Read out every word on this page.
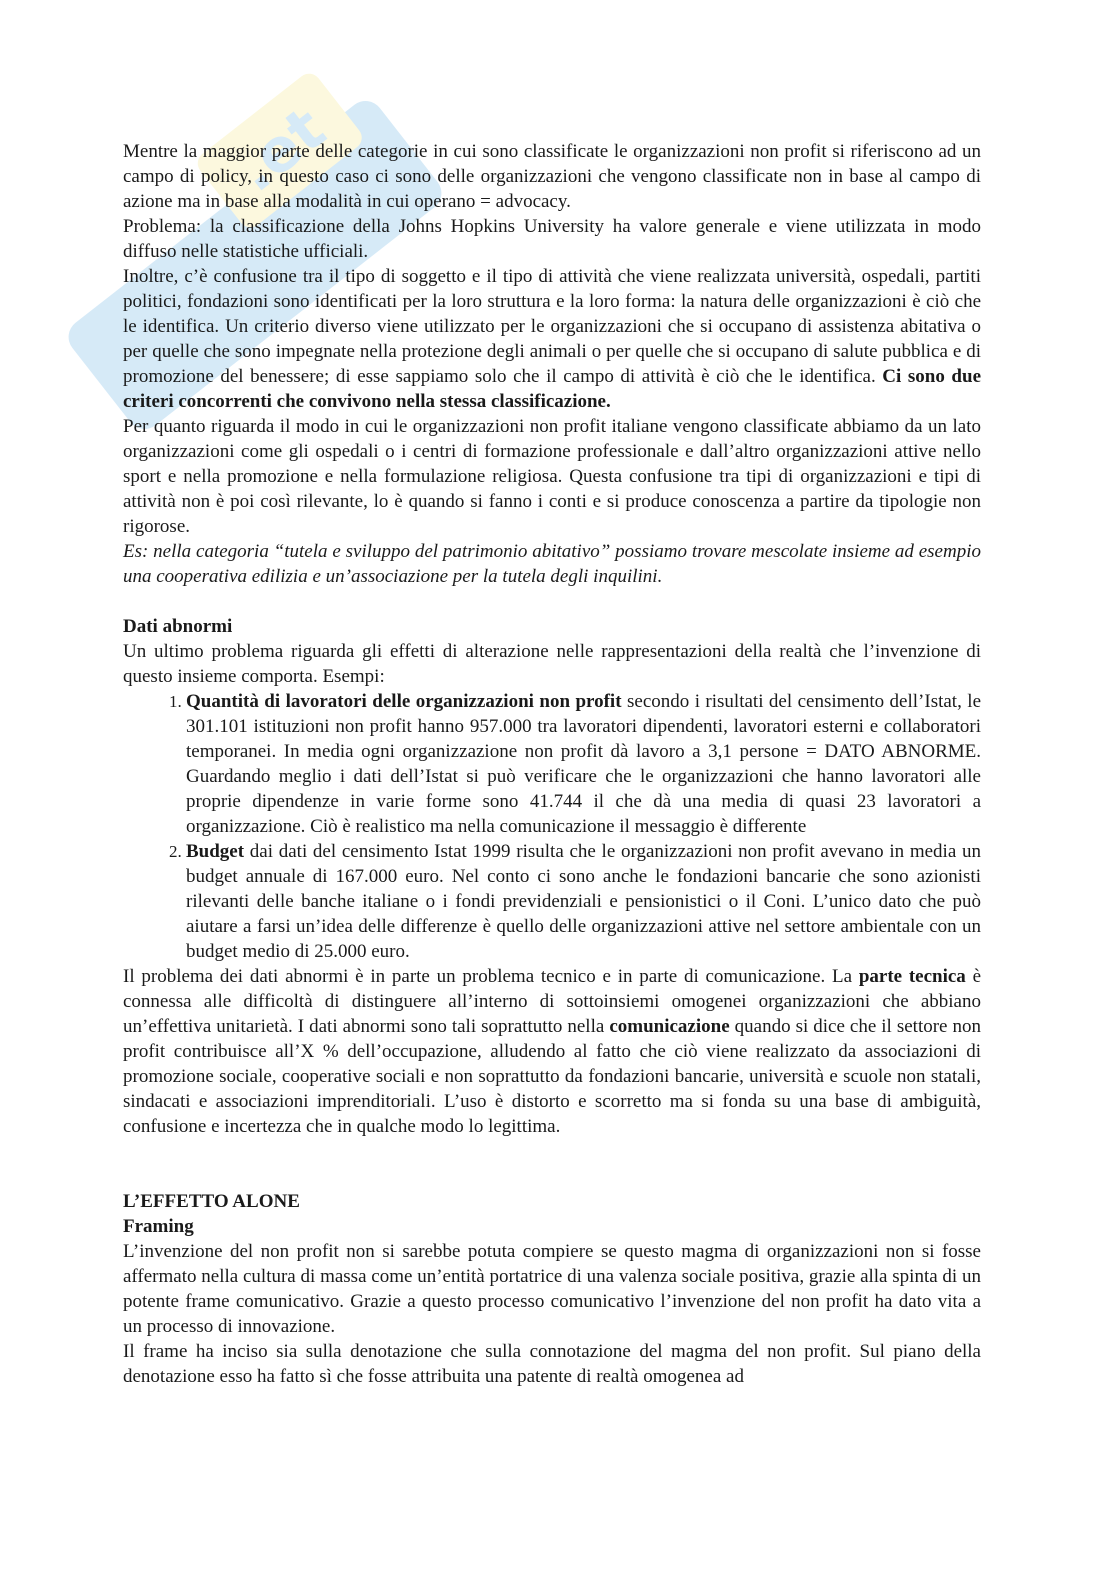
.et

Mentre la maggior parte delle categorie in cui sono classificate le organizzazioni non profit si riferiscono ad un campo di policy, in questo caso ci sono delle organizzazioni che vengono classificate non in base al campo di azione ma in base alla modalità in cui operano = advocacy.

Problema: la classificazione della Johns Hopkins University ha valore generale e viene utilizzata in modo diffuso nelle statistiche ufficiali.

Inoltre, c’è confusione tra il tipo di soggetto e il tipo di attività che viene realizzata università, ospedali, partiti politici, fondazioni sono identificati per la loro struttura e la loro forma: la natura delle organizzazioni è ciò che le identifica. Un criterio diverso viene utilizzato per le organizzazioni che si occupano di assistenza abitativa o per quelle che sono impegnate nella protezione degli animali o per quelle che si occupano di salute pubblica e di promozione del benessere; di esse sappiamo solo che il campo di attività è ciò che le identifica. Ci sono due criteri concorrenti che convivono nella stessa classificazione.

Per quanto riguarda il modo in cui le organizzazioni non profit italiane vengono classificate abbiamo da un lato organizzazioni come gli ospedali o i centri di formazione professionale e dall’altro organizzazioni attive nello sport e nella promozione e nella formulazione religiosa. Questa confusione tra tipi di organizzazioni e tipi di attività non è poi così rilevante, lo è quando si fanno i conti e si produce conoscenza a partire da tipologie non rigorose.

Es: nella categoria “tutela e sviluppo del patrimonio abitativo” possiamo trovare mescolate insieme ad esempio una cooperativa edilizia e un’associazione per la tutela degli inquilini.

Dati abnormi

Un ultimo problema riguarda gli effetti di alterazione nelle rappresentazioni della realtà che l’invenzione di questo insieme comporta. Esempi:

1. Quantità di lavoratori delle organizzazioni non profit secondo i risultati del censimento dell’Istat, le 301.101 istituzioni non profit hanno 957.000 tra lavoratori dipendenti, lavoratori esterni e collaboratori temporanei. In media ogni organizzazione non profit dà lavoro a 3,1 persone = DATO ABNORME. Guardando meglio i dati dell’Istat si può verificare che le organizzazioni che hanno lavoratori alle proprie dipendenze in varie forme sono 41.744 il che dà una media di quasi 23 lavoratori a organizzazione. Ciò è realistico ma nella comunicazione il messaggio è differente
2. Budget dai dati del censimento Istat 1999 risulta che le organizzazioni non profit avevano in media un budget annuale di 167.000 euro. Nel conto ci sono anche le fondazioni bancarie che sono azionisti rilevanti delle banche italiane o i fondi previdenziali e pensionistici o il Coni. L’unico dato che può aiutare a farsi un’idea delle differenze è quello delle organizzazioni attive nel settore ambientale con un budget medio di 25.000 euro.

Il problema dei dati abnormi è in parte un problema tecnico e in parte di comunicazione. La parte tecnica è connessa alle difficoltà di distinguere all’interno di sottoinsiemi omogenei organizzazioni che abbiano un’effettiva unitarietà. I dati abnormi sono tali soprattutto nella comunicazione quando si dice che il settore non profit contribuisce all’X % dell’occupazione, alludendo al fatto che ciò viene realizzato da associazioni di promozione sociale, cooperative sociali e non soprattutto da fondazioni bancarie, università e scuole non statali, sindacati e associazioni imprenditoriali. L’uso è distorto e scorretto ma si fonda su una base di ambiguità, confusione e incertezza che in qualche modo lo legittima.

L’EFFETTO ALONE

Framing

L’invenzione del non profit non si sarebbe potuta compiere se questo magma di organizzazioni non si fosse affermato nella cultura di massa come un’entità portatrice di una valenza sociale positiva, grazie alla spinta di un potente frame comunicativo. Grazie a questo processo comunicativo l’invenzione del non profit ha dato vita a un processo di innovazione.

Il frame ha inciso sia sulla denotazione che sulla connotazione del magma del non profit. Sul piano della denotazione esso ha fatto sì che fosse attribuita una patente di realtà omogenea ad
